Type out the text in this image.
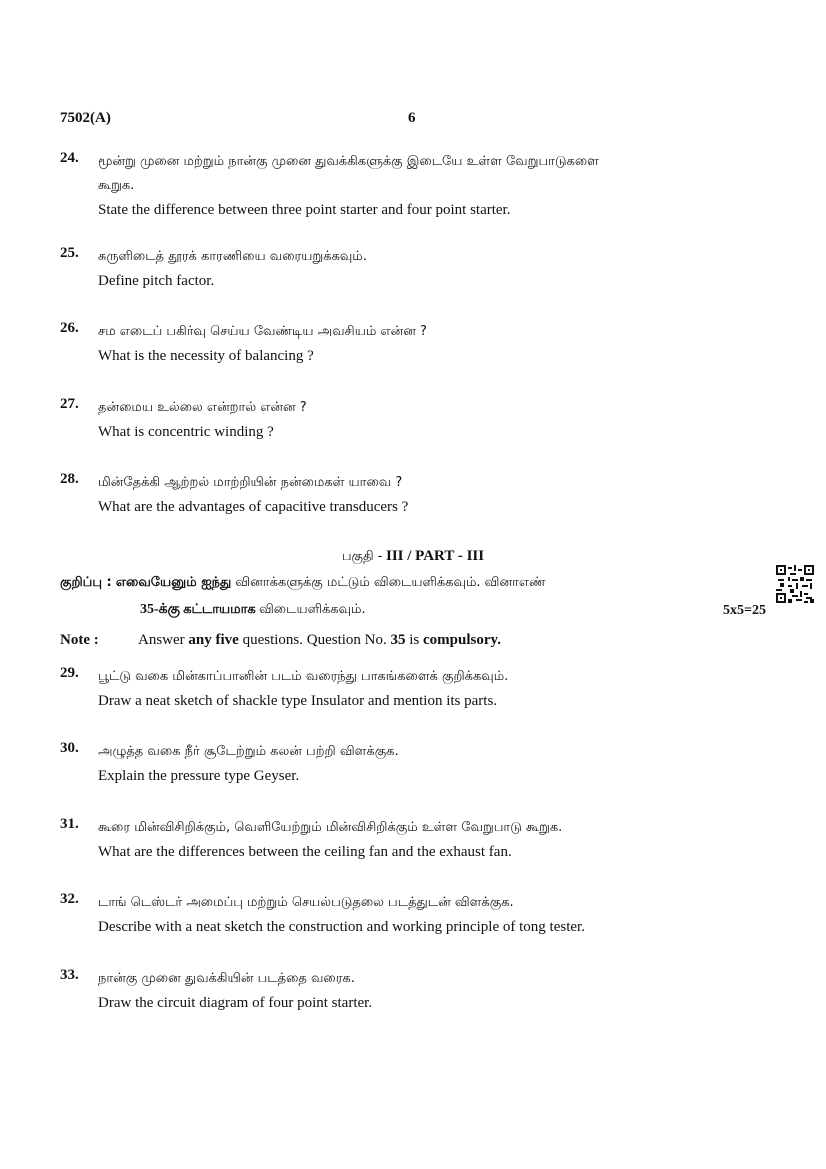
7502(A)	6
24. மூன்று முனை மற்றும் நான்கு முனை துவக்கிகளுக்கு இடையே உள்ள வேறுபாடுகளை
கூறுக.
State the difference between three point starter and four point starter.
25. சுருளிடைத் தூரக் காரணியை வரையறுக்கவும்.
Define pitch factor.
26. சம எடைப் பகிர்வு செய்ய வேண்டிய அவசியம் என்ன ?
What is the necessity of balancing ?
27. தன்மைய உல்லை என்றால் என்ன ?
What is concentric winding ?
28. மின்தேக்கி ஆற்றல் மாற்றியின் நன்மைகள் யாவை ?
What are the advantages of capacitive transducers ?
பகுதி - III / PART - III
குறிப்பு : எவையேனும் ஐந்து வினாக்களுக்கு மட்டும் விடையளிக்கவும். வினாஎண்
35-க்கு கட்டாயமாக விடையளிக்கவும்.	5x5=25
Note :	Answer any five questions. Question No. 35 is compulsory.
29. பூட்டு வகை மின்காப்பானின் படம் வரைந்து பாகங்களைக் குறிக்கவும்.
Draw a neat sketch of shackle type Insulator and mention its parts.
30. அழுத்த வகை நீர் சூடேற்றும் கலன் பற்றி விளக்குக.
Explain the pressure type Geyser.
31. கூரை மின்விசிறிக்கும், வெளியேற்றும் மின்விசிறிக்கும் உள்ள வேறுபாடு கூறுக.
What are the differences between the ceiling fan and the exhaust fan.
32. டாங் டெஸ்டர் அமைப்பு மற்றும் செயல்படுதலை படத்துடன் விளக்குக.
Describe with a neat sketch the construction and working principle of tong tester.
33. நான்கு முனை துவக்கியின் படத்தை வரைக.
Draw the circuit diagram of four point starter.
